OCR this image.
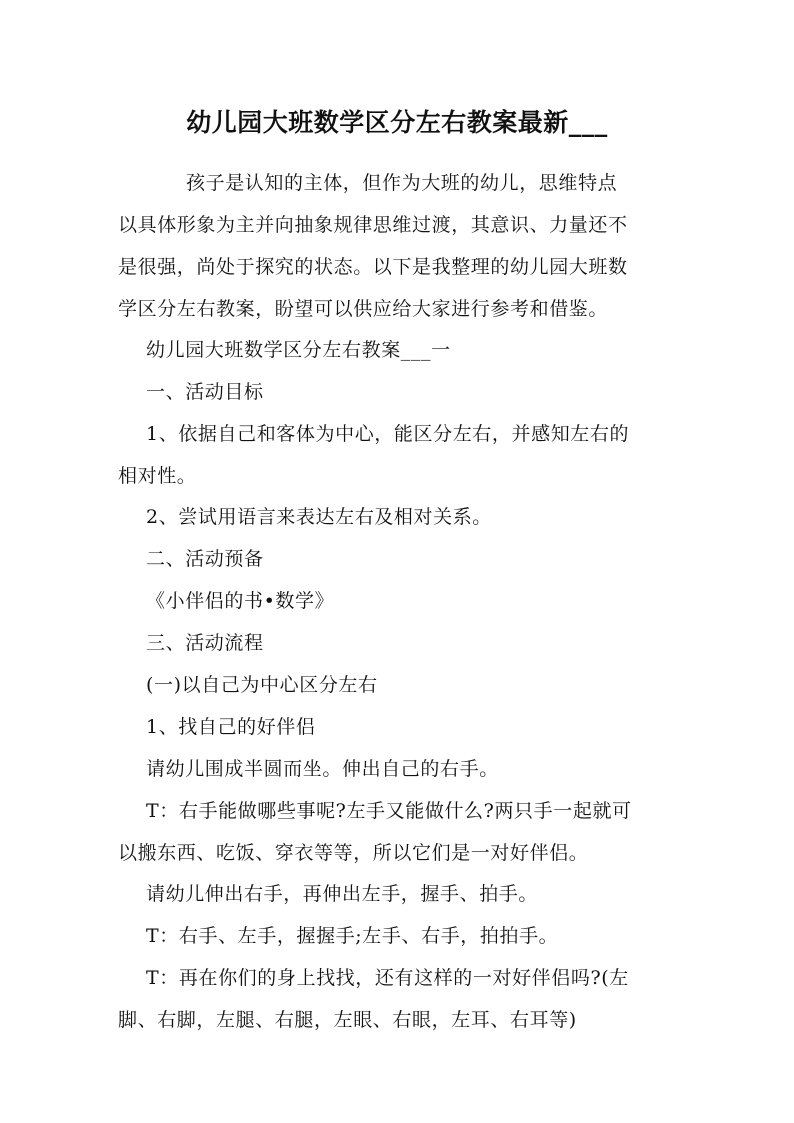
幼儿园大班数学区分左右教案最新___

孩子是认知的主体，但作为大班的幼儿，思维特点
以具体形象为主并向抽象规律思维过渡，其意识、力量还不
是很强，尚处于探究的状态。以下是我整理的幼儿园大班数
学区分左右教案，盼望可以供应给大家进行参考和借鉴。

幼儿园大班数学区分左右教案___一

一、活动目标

1、依据自己和客体为中心，能区分左右，并感知左右的
相对性。

2、尝试用语言来表达左右及相对关系。

二、活动预备

《小伴侣的书•数学》

三、活动流程

(一)以自己为中心区分左右

1、找自己的好伴侣

请幼儿围成半圆而坐。伸出自己的右手。

T：右手能做哪些事呢?左手又能做什么?两只手一起就可
以搬东西、吃饭、穿衣等等，所以它们是一对好伴侣。

请幼儿伸出右手，再伸出左手，握手、拍手。

T：右手、左手，握握手;左手、右手，拍拍手。

T：再在你们的身上找找，还有这样的一对好伴侣吗?(左
脚、右脚，左腿、右腿，左眼、右眼，左耳、右耳等)
